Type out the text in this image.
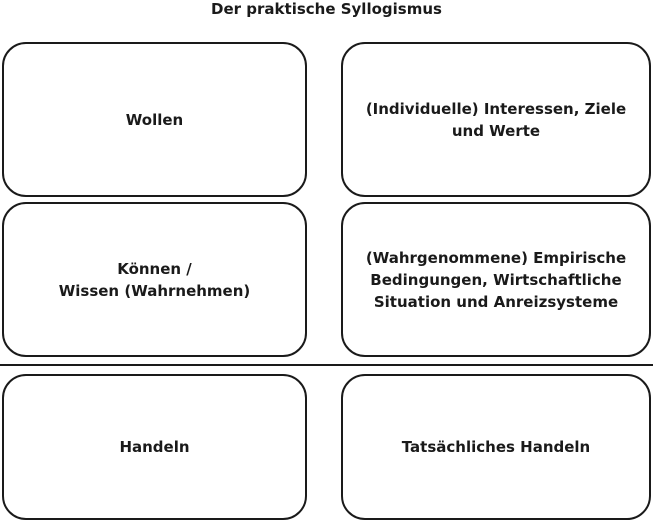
Der praktische Syllogismus
Wollen
(Individuelle) Interessen, Ziele
und Werte
Können /
Wissen (Wahrnehmen)
(Wahrgenommene) Empirische
Bedingungen, Wirtschaftliche
Situation und Anreizsysteme
Handeln	Tatsächliches Handeln
